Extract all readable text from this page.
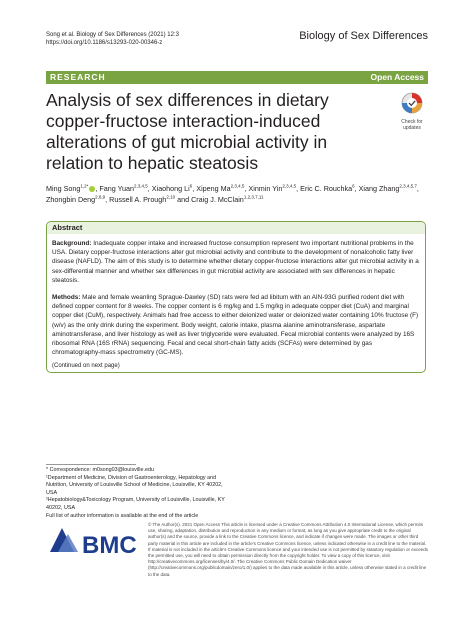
Song et al. Biology of Sex Differences (2021) 12:3
https://doi.org/10.1186/s13293-020-00346-z
Biology of Sex Differences
RESEARCH	Open Access
Analysis of sex differences in dietary copper-fructose interaction-induced alterations of gut microbial activity in relation to hepatic steatosis
Check for
updates
Ming Song$^{1,2*}$ , Fang Yuan$^{2,3,4,5}$, Xiaohong Li$^6$, Xipeng Ma$^{2,3,4,5}$, Xinmin Yin$^{2,3,4,5}$, Eric C. Rouchka$^6$, Xiang Zhang$^{2,3,4,5,7}$, Zhongbin Deng$^{2,8,9}$, Russell A. Prough$^{2,10}$ and Craig J. McClain$^{1,2,3,7,11}$
Abstract
Background: Inadequate copper intake and increased fructose consumption represent two important nutritional problems in the USA. Dietary copper-fructose interactions alter gut microbial activity and contribute to the development of nonalcoholic fatty liver disease (NAFLD). The aim of this study is to determine whether dietary copper-fructose interactions alter gut microbial activity in a sex-differential manner and whether sex differences in gut microbial activity are associated with sex differences in hepatic steatosis.
Methods: Male and female weanling Sprague-Dawley (SD) rats were fed ad libitum with an AIN-93G purified rodent diet with defined copper content for 8 weeks. The copper content is 6 mg/kg and 1.5 mg/kg in adequate copper diet (CuA) and marginal copper diet (CuM), respectively. Animals had free access to either deionized water or deionized water containing 10% fructose (F) (w/v) as the only drink during the experiment. Body weight, calorie intake, plasma alanine aminotransferase, aspartate aminotransferase, and liver histology as well as liver triglyceride were evaluated. Fecal microbial contents were analyzed by 16S ribosomal RNA (16S rRNA) sequencing. Fecal and cecal short-chain fatty acids (SCFAs) were determined by gas chromatography-mass spectrometry (GC-MS).
(Continued on next page)
* Correspondence: m0song03@louisville.edu
¹Department of Medicine, Division of Gastroenterology, Hepatology and Nutrition, University of Louisville School of Medicine, Louisville, KY 40202, USA
²Hepatobiology&Toxicology Program, University of Louisville, Louisville, KY 40202, USA
Full list of author information is available at the end of the article
BMC
© The Author(s). 2021 Open Access This article is licensed under a Creative Commons Attribution 4.0 International License, which permits use, sharing, adaptation, distribution and reproduction in any medium or format, as long as you give appropriate credit to the original author(s) and the source, provide a link to the Creative Commons licence, and indicate if changes were made. The images or other third party material in this article are included in the article's Creative Commons licence, unless indicated otherwise in a credit line to the material. If material is not included in the article's Creative Commons licence and your intended use is not permitted by statutory regulation or exceeds the permitted use, you will need to obtain permission directly from the copyright holder. To view a copy of this licence, visit http://creativecommons.org/licenses/by/4.0/. The Creative Commons Public Domain Dedication waiver (http://creativecommons.org/publicdomain/zero/1.0/) applies to the data made available in this article, unless otherwise stated in a credit line to the data.
